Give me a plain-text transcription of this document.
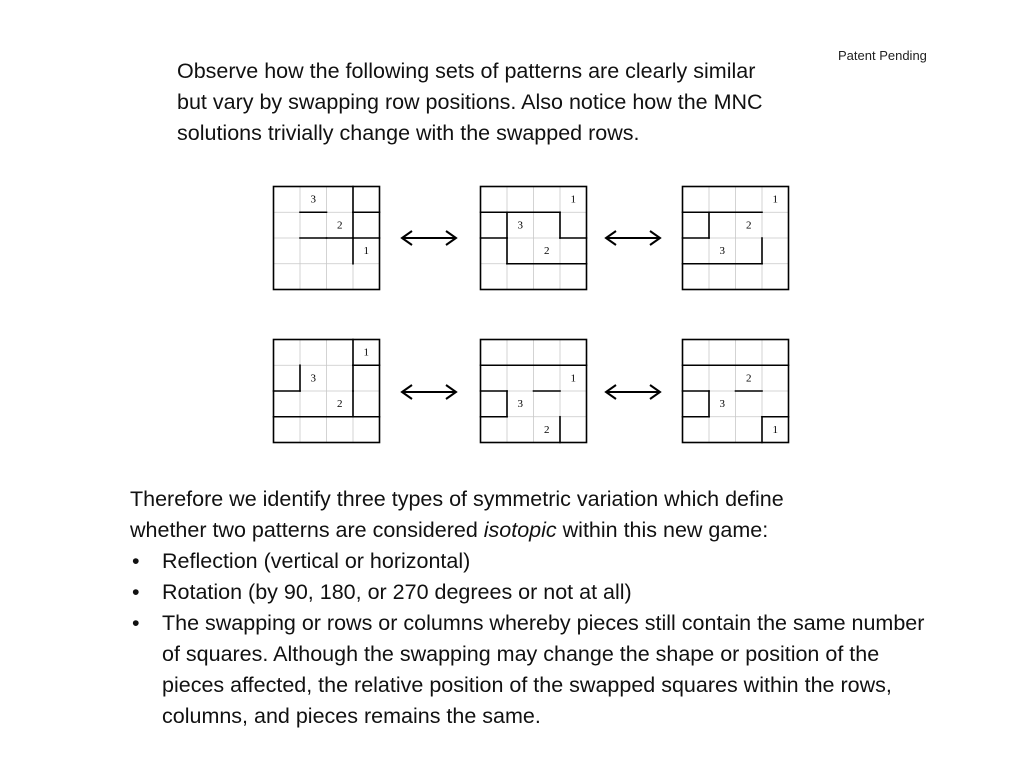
Patent Pending
Observe how the following sets of patterns are clearly similar
but vary by swapping row positions. Also notice how the MNC
solutions trivially change with the swapped rows.
3
2
1
1
3
2
1
2
3
1
3
2
1
3
2
2
3
1

Therefore we identify three types of symmetric variation which define

whether two patterns are considered isotopic within this new game:

• Reflection (vertical or horizontal)
• Rotation (by 90, 180, or 270 degrees or not at all)
• The swapping or rows or columns whereby pieces still contain the same number of squares. Although the swapping may change the shape or position of the pieces affected, the relative position of the swapped squares within the rows, columns, and pieces remains the same.
